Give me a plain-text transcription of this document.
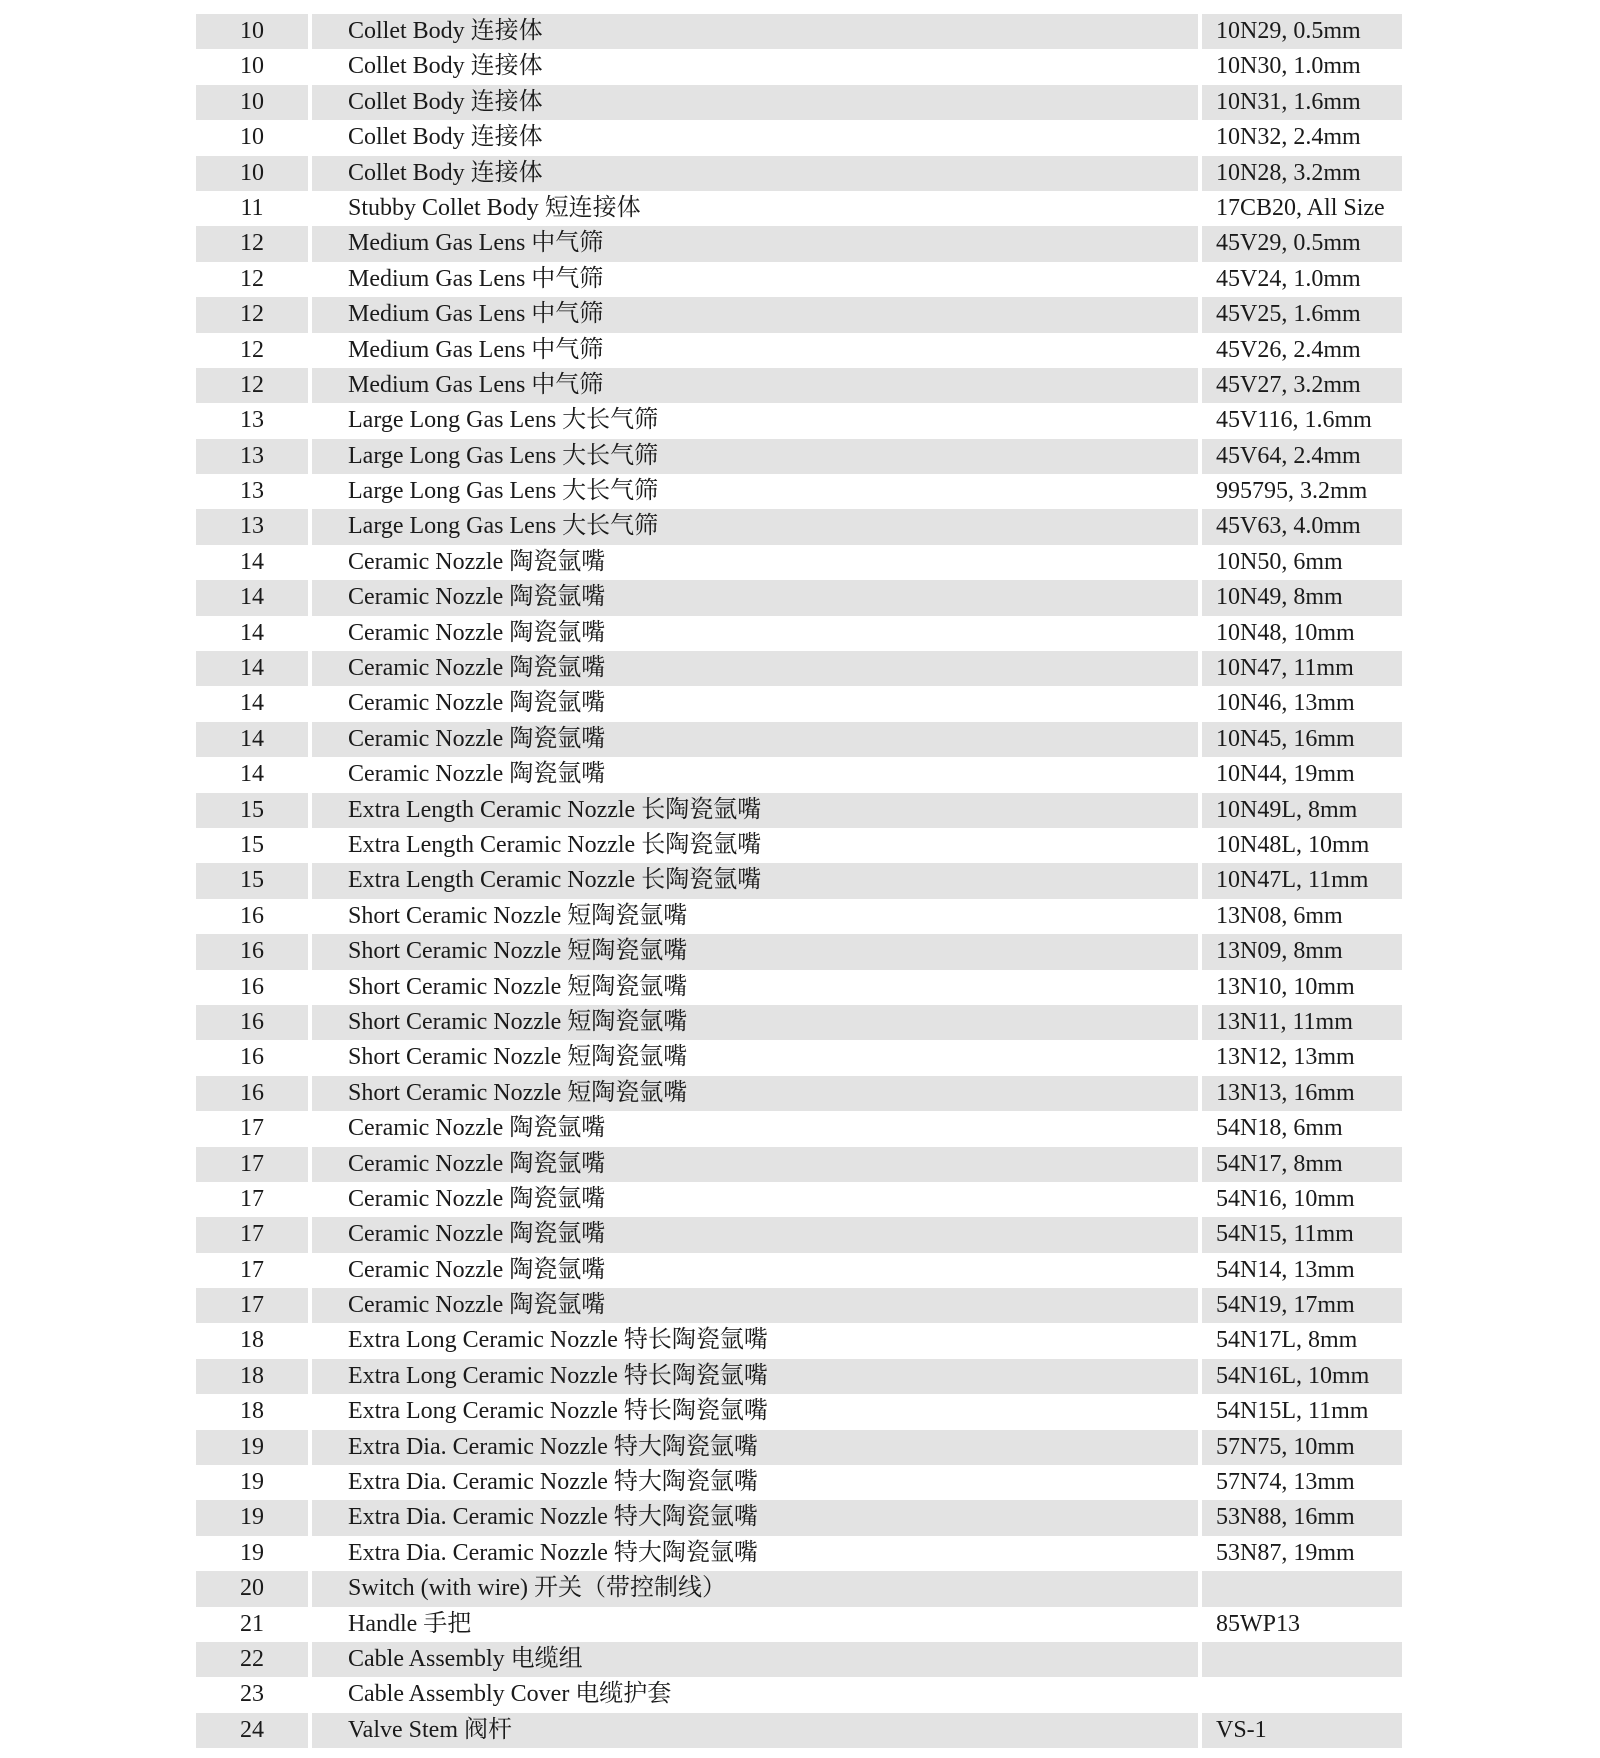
10	Collet Body 连接体	10N29, 0.5mm
10	Collet Body 连接体	10N30, 1.0mm
10	Collet Body 连接体	10N31, 1.6mm
10	Collet Body 连接体	10N32, 2.4mm
10	Collet Body 连接体	10N28, 3.2mm
11	Stubby Collet Body 短连接体	17CB20, All Size
12	Medium Gas Lens 中气筛	45V29, 0.5mm
12	Medium Gas Lens 中气筛	45V24, 1.0mm
12	Medium Gas Lens 中气筛	45V25, 1.6mm
12	Medium Gas Lens 中气筛	45V26, 2.4mm
12	Medium Gas Lens 中气筛	45V27, 3.2mm
13	Large Long Gas Lens 大长气筛	45V116, 1.6mm
13	Large Long Gas Lens 大长气筛	45V64, 2.4mm
13	Large Long Gas Lens 大长气筛	995795, 3.2mm
13	Large Long Gas Lens 大长气筛	45V63, 4.0mm
14	Ceramic Nozzle 陶瓷氩嘴	10N50, 6mm
14	Ceramic Nozzle 陶瓷氩嘴	10N49, 8mm
14	Ceramic Nozzle 陶瓷氩嘴	10N48, 10mm
14	Ceramic Nozzle 陶瓷氩嘴	10N47, 11mm
14	Ceramic Nozzle 陶瓷氩嘴	10N46, 13mm
14	Ceramic Nozzle 陶瓷氩嘴	10N45, 16mm
14	Ceramic Nozzle 陶瓷氩嘴	10N44, 19mm
15	Extra Length Ceramic Nozzle 长陶瓷氩嘴	10N49L, 8mm
15	Extra Length Ceramic Nozzle 长陶瓷氩嘴	10N48L, 10mm
15	Extra Length Ceramic Nozzle 长陶瓷氩嘴	10N47L, 11mm
16	Short Ceramic Nozzle 短陶瓷氩嘴	13N08, 6mm
16	Short Ceramic Nozzle 短陶瓷氩嘴	13N09, 8mm
16	Short Ceramic Nozzle 短陶瓷氩嘴	13N10, 10mm
16	Short Ceramic Nozzle 短陶瓷氩嘴	13N11, 11mm
16	Short Ceramic Nozzle 短陶瓷氩嘴	13N12, 13mm
16	Short Ceramic Nozzle 短陶瓷氩嘴	13N13, 16mm
17	Ceramic Nozzle 陶瓷氩嘴	54N18, 6mm
17	Ceramic Nozzle 陶瓷氩嘴	54N17, 8mm
17	Ceramic Nozzle 陶瓷氩嘴	54N16, 10mm
17	Ceramic Nozzle 陶瓷氩嘴	54N15, 11mm
17	Ceramic Nozzle 陶瓷氩嘴	54N14, 13mm
17	Ceramic Nozzle 陶瓷氩嘴	54N19, 17mm
18	Extra Long Ceramic Nozzle 特长陶瓷氩嘴	54N17L, 8mm
18	Extra Long Ceramic Nozzle 特长陶瓷氩嘴	54N16L, 10mm
18	Extra Long Ceramic Nozzle 特长陶瓷氩嘴	54N15L, 11mm
19	Extra Dia. Ceramic Nozzle 特大陶瓷氩嘴	57N75, 10mm
19	Extra Dia. Ceramic Nozzle 特大陶瓷氩嘴	57N74, 13mm
19	Extra Dia. Ceramic Nozzle 特大陶瓷氩嘴	53N88, 16mm
19	Extra Dia. Ceramic Nozzle 特大陶瓷氩嘴	53N87, 19mm
20	Switch (with wire) 开关（带控制线）
21	Handle 手把	85WP13
22	Cable Assembly 电缆组
23	Cable Assembly Cover 电缆护套
24	Valve Stem 阀杆	VS-1
